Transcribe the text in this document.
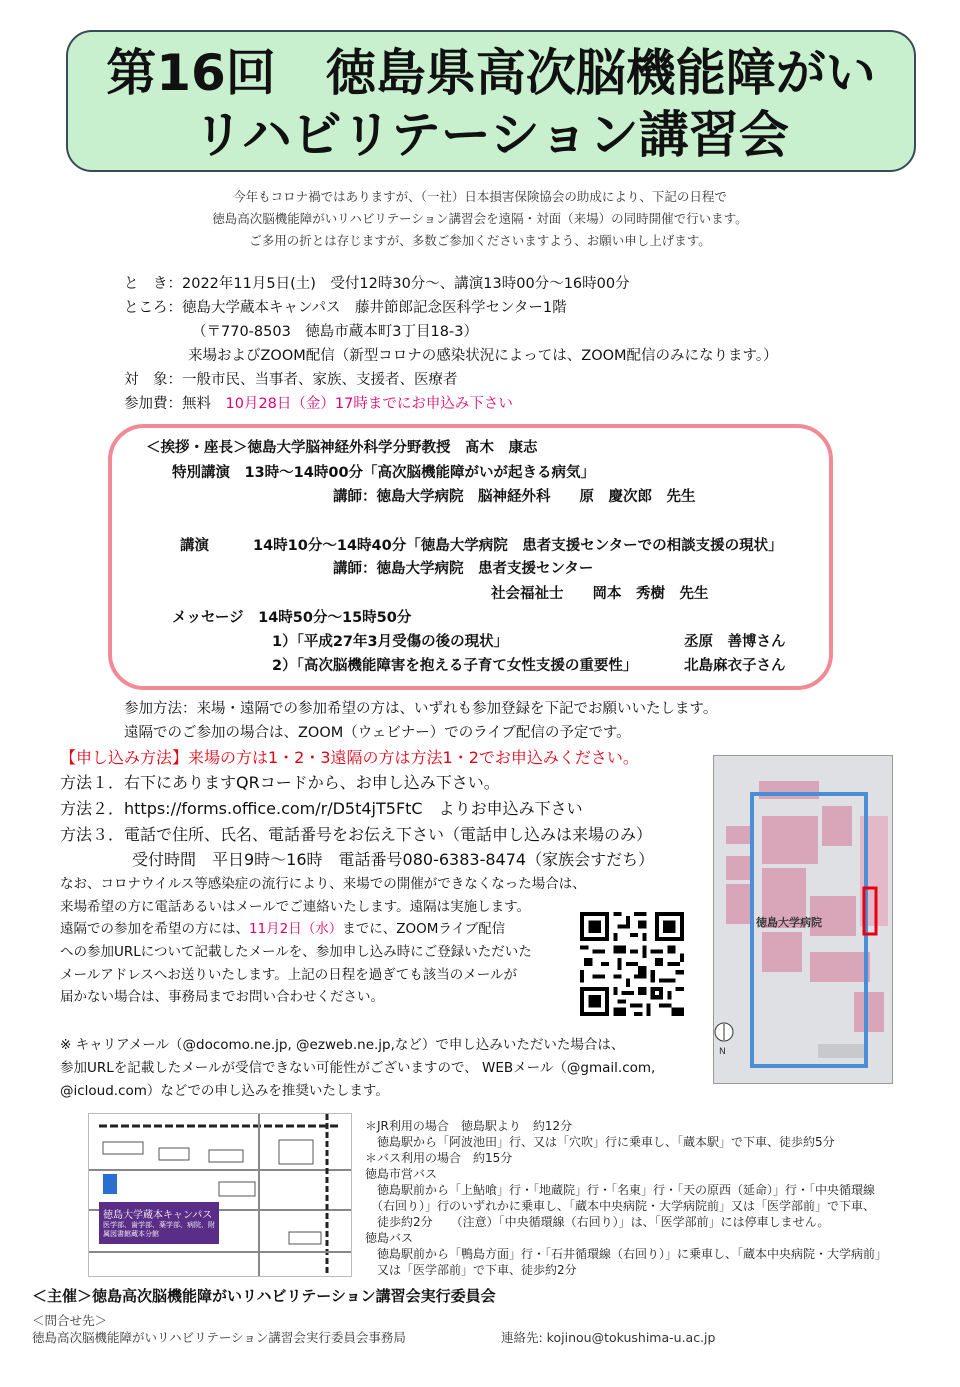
第16回　徳島県高次脳機能障がい
リハビリテーション講習会
今年もコロナ禍ではありますが、（一社）日本損害保険協会の助成により、下記の日程で
徳島高次脳機能障がいリハビリテーション講習会を遠隔・対面（来場）の同時開催で行います。
ご多用の折とは存じますが、多数ご参加くださいますよう、お願い申し上げます。
と　き：2022年11月5日(土)　受付12時30分～、講演13時00分～16時00分
ところ：徳島大学蔵本キャンパス　藤井節郎記念医科学センター1階
（〒770-8503　徳島市蔵本町3丁目18-3）
来場およびZOOM配信（新型コロナの感染状況によっては、ZOOM配信のみになります。）
対　象：一般市民、当事者、家族、支援者、医療者
参加費：無料　10月28日（金）17時までにお申込み下さい
＜挨拶・座長＞徳島大学脳神経外科学分野教授　髙木　康志
特別講演　13時～14時00分「高次脳機能障がいが起きる病気」
講師：徳島大学病院　脳神経外科　　原　慶次郎　先生
講演	14時10分～14時40分「徳島大学病院　患者支援センターでの相談支援の現状」
講師：徳島大学病院　患者支援センター
社会福祉士　　岡本　秀樹　先生
メッセージ　14時50分～15時50分
1）「平成27年3月受傷の後の現状」	丞原　善博さん
2）「高次脳機能障害を抱える子育て女性支援の重要性」	北島麻衣子さん
参加方法：来場・遠隔での参加希望の方は、いずれも参加登録を下記でお願いいたします。
遠隔でのご参加の場合は、ZOOM（ウェビナー）でのライブ配信の予定です。
【申し込み方法】来場の方は1・2・3遠隔の方は方法1・2でお申込みください。
方法１．右下にありますQRコードから、お申し込み下さい。
方法２．https://forms.office.com/r/D5t4jT5FtC　よりお申込み下さい
方法３．電話で住所、氏名、電話番号をお伝え下さい（電話申し込みは来場のみ）
受付時間　平日9時～16時　電話番号080-6383-8474（家族会すだち）
なお、コロナウイルス等感染症の流行により、来場での開催ができなくなった場合は、
来場希望の方に電話あるいはメールでご連絡いたします。遠隔は実施します。
遠隔での参加を希望の方には、11月2日（水）までに、ZOOMライブ配信
への参加URLについて記載したメールを、参加申し込み時にご登録いただいた
メールアドレスへお送りいたします。上記の日程を過ぎても該当のメールが
届かない場合は、事務局までお問い合わせください。
徳島大学病院
N
※ キャリアメール（@docomo.ne.jp, @ezweb.ne.jp,など）で申し込みいただいた場合は、
参加URLを記載したメールが受信できない可能性がございますので、 WEBメール（@gmail.com,
@icloud.com）などでの申し込みを推奨いたします。
徳島大学蔵本キャンパス
医学部、歯学部、薬学部、病院、附属図書館蔵本分館
＊JR利用の場合　徳島駅より　約12分
　徳島駅から「阿波池田」行、又は「穴吹」行に乗車し、「蔵本駅」で下車、徒歩約5分
＊バス利用の場合　約15分
徳島市営バス
　徳島駅前から「上鮎喰」行・「地蔵院」行・「名東」行・「天の原西（延命）」行・「中央循環線
　（右回り）」行のいずれかに乗車し、「蔵本中央病院・大学病院前」又は「医学部前」で下車、
　徒歩約2分　　（注意）「中央循環線（右回り）」は、「医学部前」には停車しません。
徳島バス
　徳島駅前から「鴨島方面」行・「石井循環線（右回り）」に乗車し、「蔵本中央病院・大学病前」
　又は「医学部前」で下車、徒歩約2分
＜主催＞徳島高次脳機能障がいリハビリテーション講習会実行委員会
＜問合せ先＞
徳島高次脳機能障がいリハビリテーション講習会実行委員会事務局	連絡先: kojinou@tokushima-u.ac.jp
